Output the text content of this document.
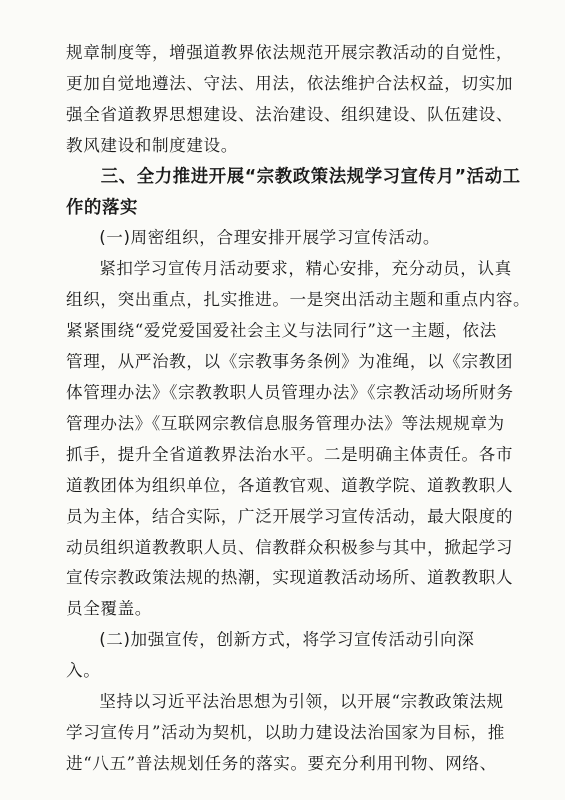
规章制度等，增强道教界依法规范开展宗教活动的自觉性，
更加自觉地遵法、守法、用法，依法维护合法权益，切实加
强全省道教界思想建设、法治建设、组织建设、队伍建设、
教风建设和制度建设。

三、全力推进开展“宗教政策法规学习宣传月”活动工
作的落实

(一)周密组织，合理安排开展学习宣传活动。

紧扣学习宣传月活动要求，精心安排，充分动员，认真
组织，突出重点，扎实推进。一是突出活动主题和重点内容。
紧紧围绕“爱党爱国爱社会主义与法同行”这一主题，依法
管理，从严治教，以《宗教事务条例》为准绳，以《宗教团
体管理办法》《宗教教职人员管理办法》《宗教活动场所财务
管理办法》《互联网宗教信息服务管理办法》等法规规章为
抓手，提升全省道教界法治水平。二是明确主体责任。各市
道教团体为组织单位，各道教官观、道教学院、道教教职人
员为主体，结合实际，广泛开展学习宣传活动，最大限度的
动员组织道教教职人员、信教群众积极参与其中，掀起学习
宣传宗教政策法规的热潮，实现道教活动场所、道教教职人
员全覆盖。

(二)加强宣传，创新方式，将学习宣传活动引向深入。

坚持以习近平法治思想为引领，以开展“宗教政策法规
学习宣传月”活动为契机，以助力建设法治国家为目标，推
进“八五”普法规划任务的落实。要充分利用刊物、网络、
